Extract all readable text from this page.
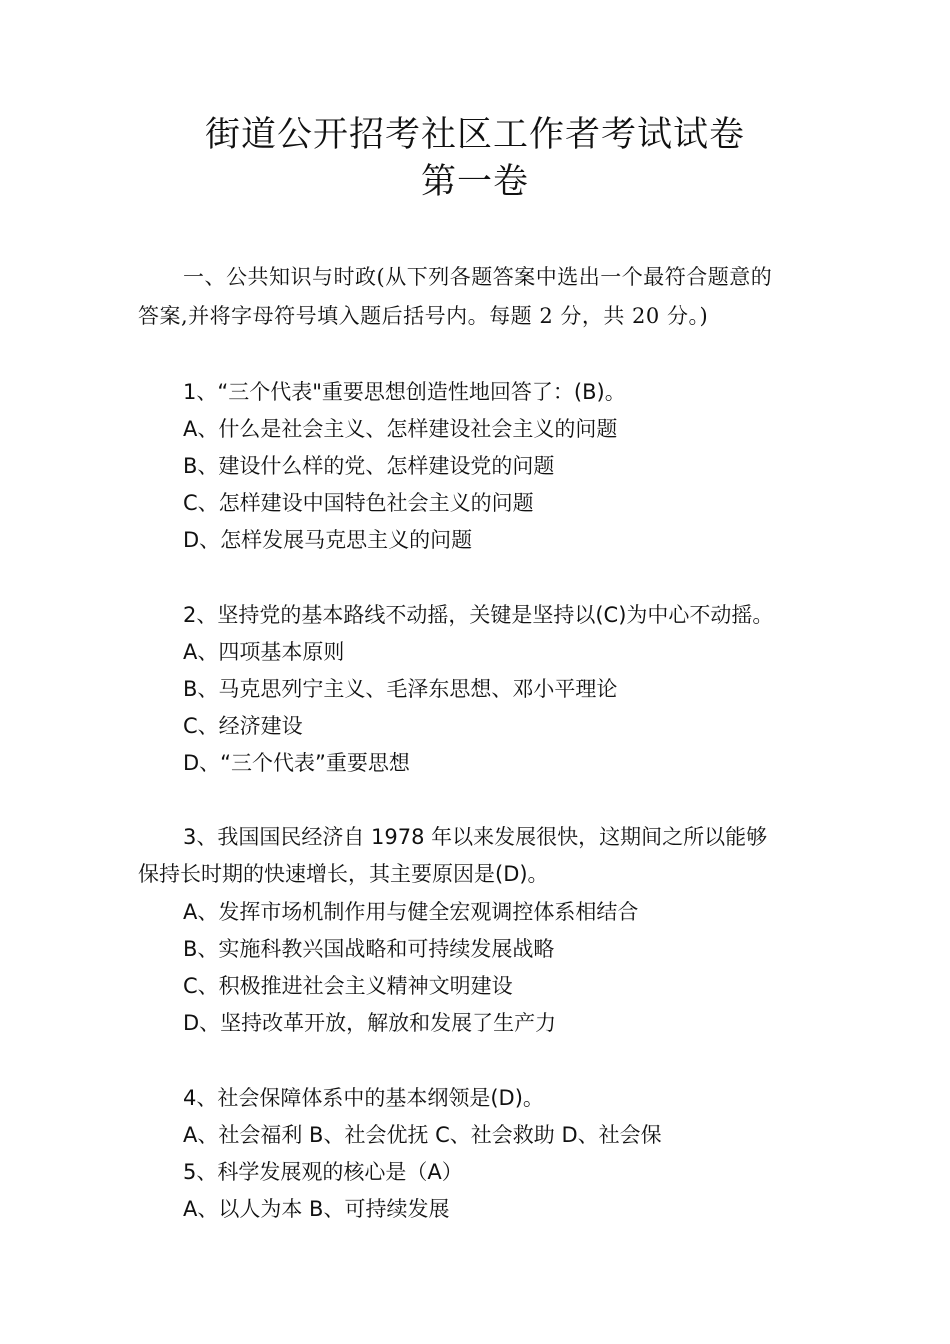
街道公开招考社区工作者考试试卷
第一卷
一、公共知识与时政(从下列各题答案中选出一个最符合题意的
答案,并将字母符号填入题后括号内。每题 2 分，共 20 分。)
1、“三个代表"重要思想创造性地回答了：(B)。
A、什么是社会主义、怎样建设社会主义的问题
B、建设什么样的党、怎样建设党的问题
C、怎样建设中国特色社会主义的问题
D、怎样发展马克思主义的问题
2、坚持党的基本路线不动摇，关键是坚持以(C)为中心不动摇。
A、四项基本原则
B、马克思列宁主义、毛泽东思想、邓小平理论
C、经济建设
D、“三个代表”重要思想
3、我国国民经济自 1978 年以来发展很快，这期间之所以能够
保持长时期的快速增长，其主要原因是(D)。
A、发挥市场机制作用与健全宏观调控体系相结合
B、实施科教兴国战略和可持续发展战略
C、积极推进社会主义精神文明建设
D、坚持改革开放，解放和发展了生产力
4、社会保障体系中的基本纲领是(D)。
A、社会福利 B、社会优抚 C、社会救助 D、社会保
5、科学发展观的核心是（A）
A、以人为本 B、可持续发展
